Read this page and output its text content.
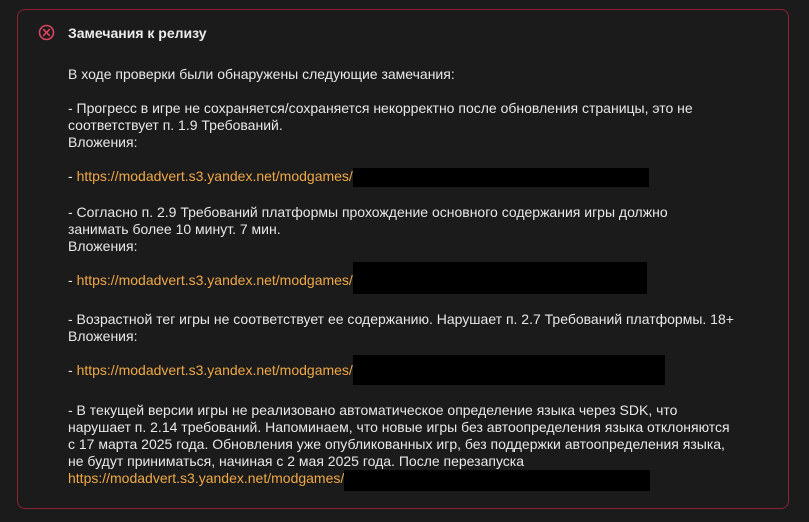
Замечания к релизу

В ходе проверки были обнаружены следующие замечания:

- Прогресс в игре не сохраняется/сохраняется некорректно после обновления страницы, это не соответствует п. 1.9 Требований.

Вложения:

- https://modadvert.s3.yandex.net/modgames/

- Согласно п. 2.9 Требований платформы прохождение основного содержания игры должно занимать более 10 минут. 7 мин.

Вложения:

- https://modadvert.s3.yandex.net/modgames/

- Возрастной тег игры не соответствует ее содержанию. Нарушает п. 2.7 Требований платформы. 18+

Вложения:

- https://modadvert.s3.yandex.net/modgames/

- В текущей версии игры не реализовано автоматическое определение языка через SDK, что нарушает п. 2.14 требований. Напоминаем, что новые игры без автоопределения языка отклоняются с 17 марта 2025 года. Обновления уже опубликованных игр, без поддержки автоопределения языка, не будут приниматься, начиная с 2 мая 2025 года. После перезапуска

https://modadvert.s3.yandex.net/modgames/
